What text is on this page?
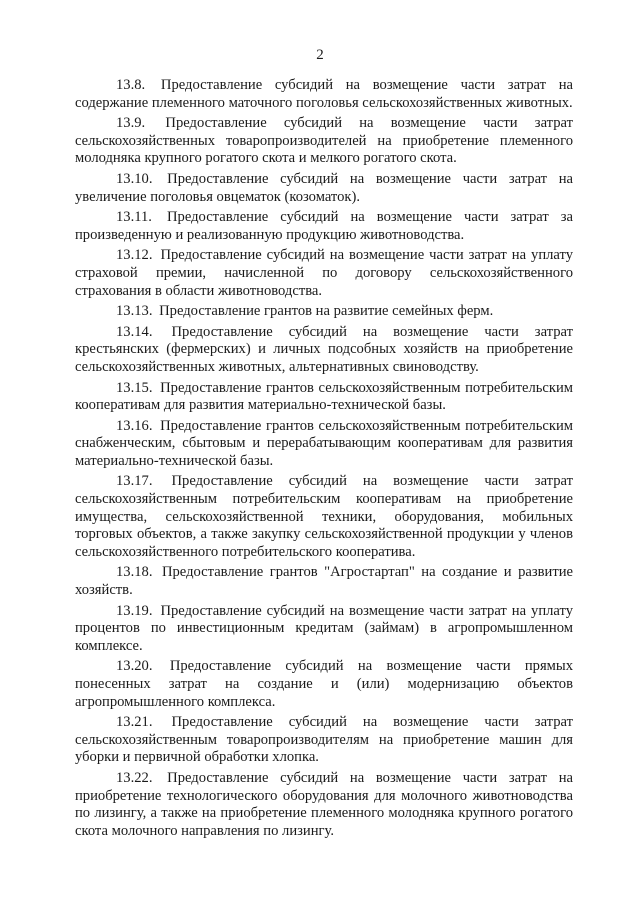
2

13.8. Предоставление субсидий на возмещение части затрат на содержание племенного маточного поголовья сельскохозяйственных животных.

13.9. Предоставление субсидий на возмещение части затрат сельскохозяйственных товаропроизводителей на приобретение племенного молодняка крупного рогатого скота и мелкого рогатого скота.

13.10. Предоставление субсидий на возмещение части затрат на увеличение поголовья овцематок (козоматок).

13.11. Предоставление субсидий на возмещение части затрат за произведенную и реализованную продукцию животноводства.

13.12. Предоставление субсидий на возмещение части затрат на уплату страховой премии, начисленной по договору сельскохозяйственного страхования в области животноводства.

13.13. Предоставление грантов на развитие семейных ферм.

13.14. Предоставление субсидий на возмещение части затрат крестьянских (фермерских) и личных подсобных хозяйств на приобретение сельскохозяйственных животных, альтернативных свиноводству.

13.15. Предоставление грантов сельскохозяйственным потребительским кооперативам для развития материально-технической базы.

13.16. Предоставление грантов сельскохозяйственным потребительским снабженческим, сбытовым и перерабатывающим кооперативам для развития материально-технической базы.

13.17. Предоставление субсидий на возмещение части затрат сельскохозяйственным потребительским кооперативам на приобретение имущества, сельскохозяйственной техники, оборудования, мобильных торговых объектов, а также закупку сельскохозяйственной продукции у членов сельскохозяйственного потребительского кооператива.

13.18. Предоставление грантов "Агростартап" на создание и развитие хозяйств.

13.19. Предоставление субсидий на возмещение части затрат на уплату процентов по инвестиционным кредитам (займам) в агропромышленном комплексе.

13.20. Предоставление субсидий на возмещение части прямых понесенных затрат на создание и (или) модернизацию объектов агропромышленного комплекса.

13.21. Предоставление субсидий на возмещение части затрат сельскохозяйственным товаропроизводителям на приобретение машин для уборки и первичной обработки хлопка.

13.22. Предоставление субсидий на возмещение части затрат на приобретение технологического оборудования для молочного животноводства по лизингу, а также на приобретение племенного молодняка крупного рогатого скота молочного направления по лизингу.
